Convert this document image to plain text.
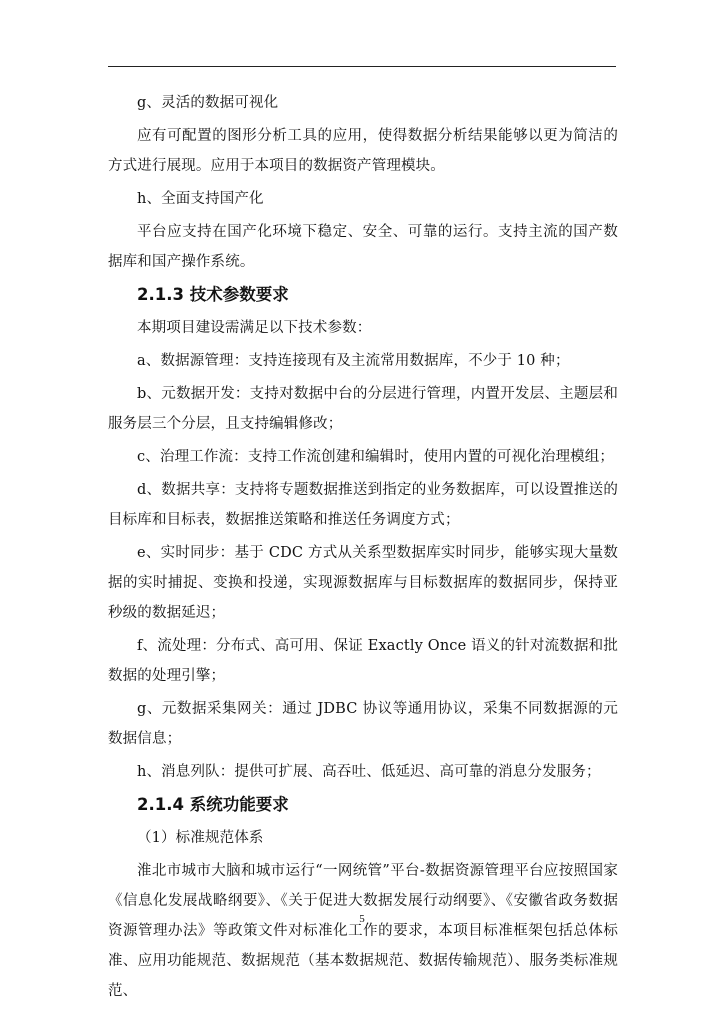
g、灵活的数据可视化
应有可配置的图形分析工具的应用，使得数据分析结果能够以更为简洁的方式进行展现。应用于本项目的数据资产管理模块。
h、全面支持国产化
平台应支持在国产化环境下稳定、安全、可靠的运行。支持主流的国产数据库和国产操作系统。
2.1.3 技术参数要求
本期项目建设需满足以下技术参数：
a、数据源管理：支持连接现有及主流常用数据库，不少于 10 种；
b、元数据开发：支持对数据中台的分层进行管理，内置开发层、主题层和服务层三个分层，且支持编辑修改；
c、治理工作流：支持工作流创建和编辑时，使用内置的可视化治理模组；
d、数据共享：支持将专题数据推送到指定的业务数据库，可以设置推送的目标库和目标表，数据推送策略和推送任务调度方式；
e、实时同步：基于 CDC 方式从关系型数据库实时同步，能够实现大量数据的实时捕捉、变换和投递，实现源数据库与目标数据库的数据同步，保持亚秒级的数据延迟；
f、流处理：分布式、高可用、保证 Exactly Once 语义的针对流数据和批数据的处理引擎；
g、元数据采集网关：通过 JDBC 协议等通用协议，采集不同数据源的元数据信息；
h、消息列队：提供可扩展、高吞吐、低延迟、高可靠的消息分发服务；
2.1.4 系统功能要求
（1）标准规范体系
淮北市城市大脑和城市运行“一网统管”平台-数据资源管理平台应按照国家《信息化发展战略纲要》、《关于促进大数据发展行动纲要》、《安徽省政务数据资源管理办法》等政策文件对标准化工作的要求，本项目标准框架包括总体标准、应用功能规范、数据规范（基本数据规范、数据传输规范）、服务类标准规范、
5
